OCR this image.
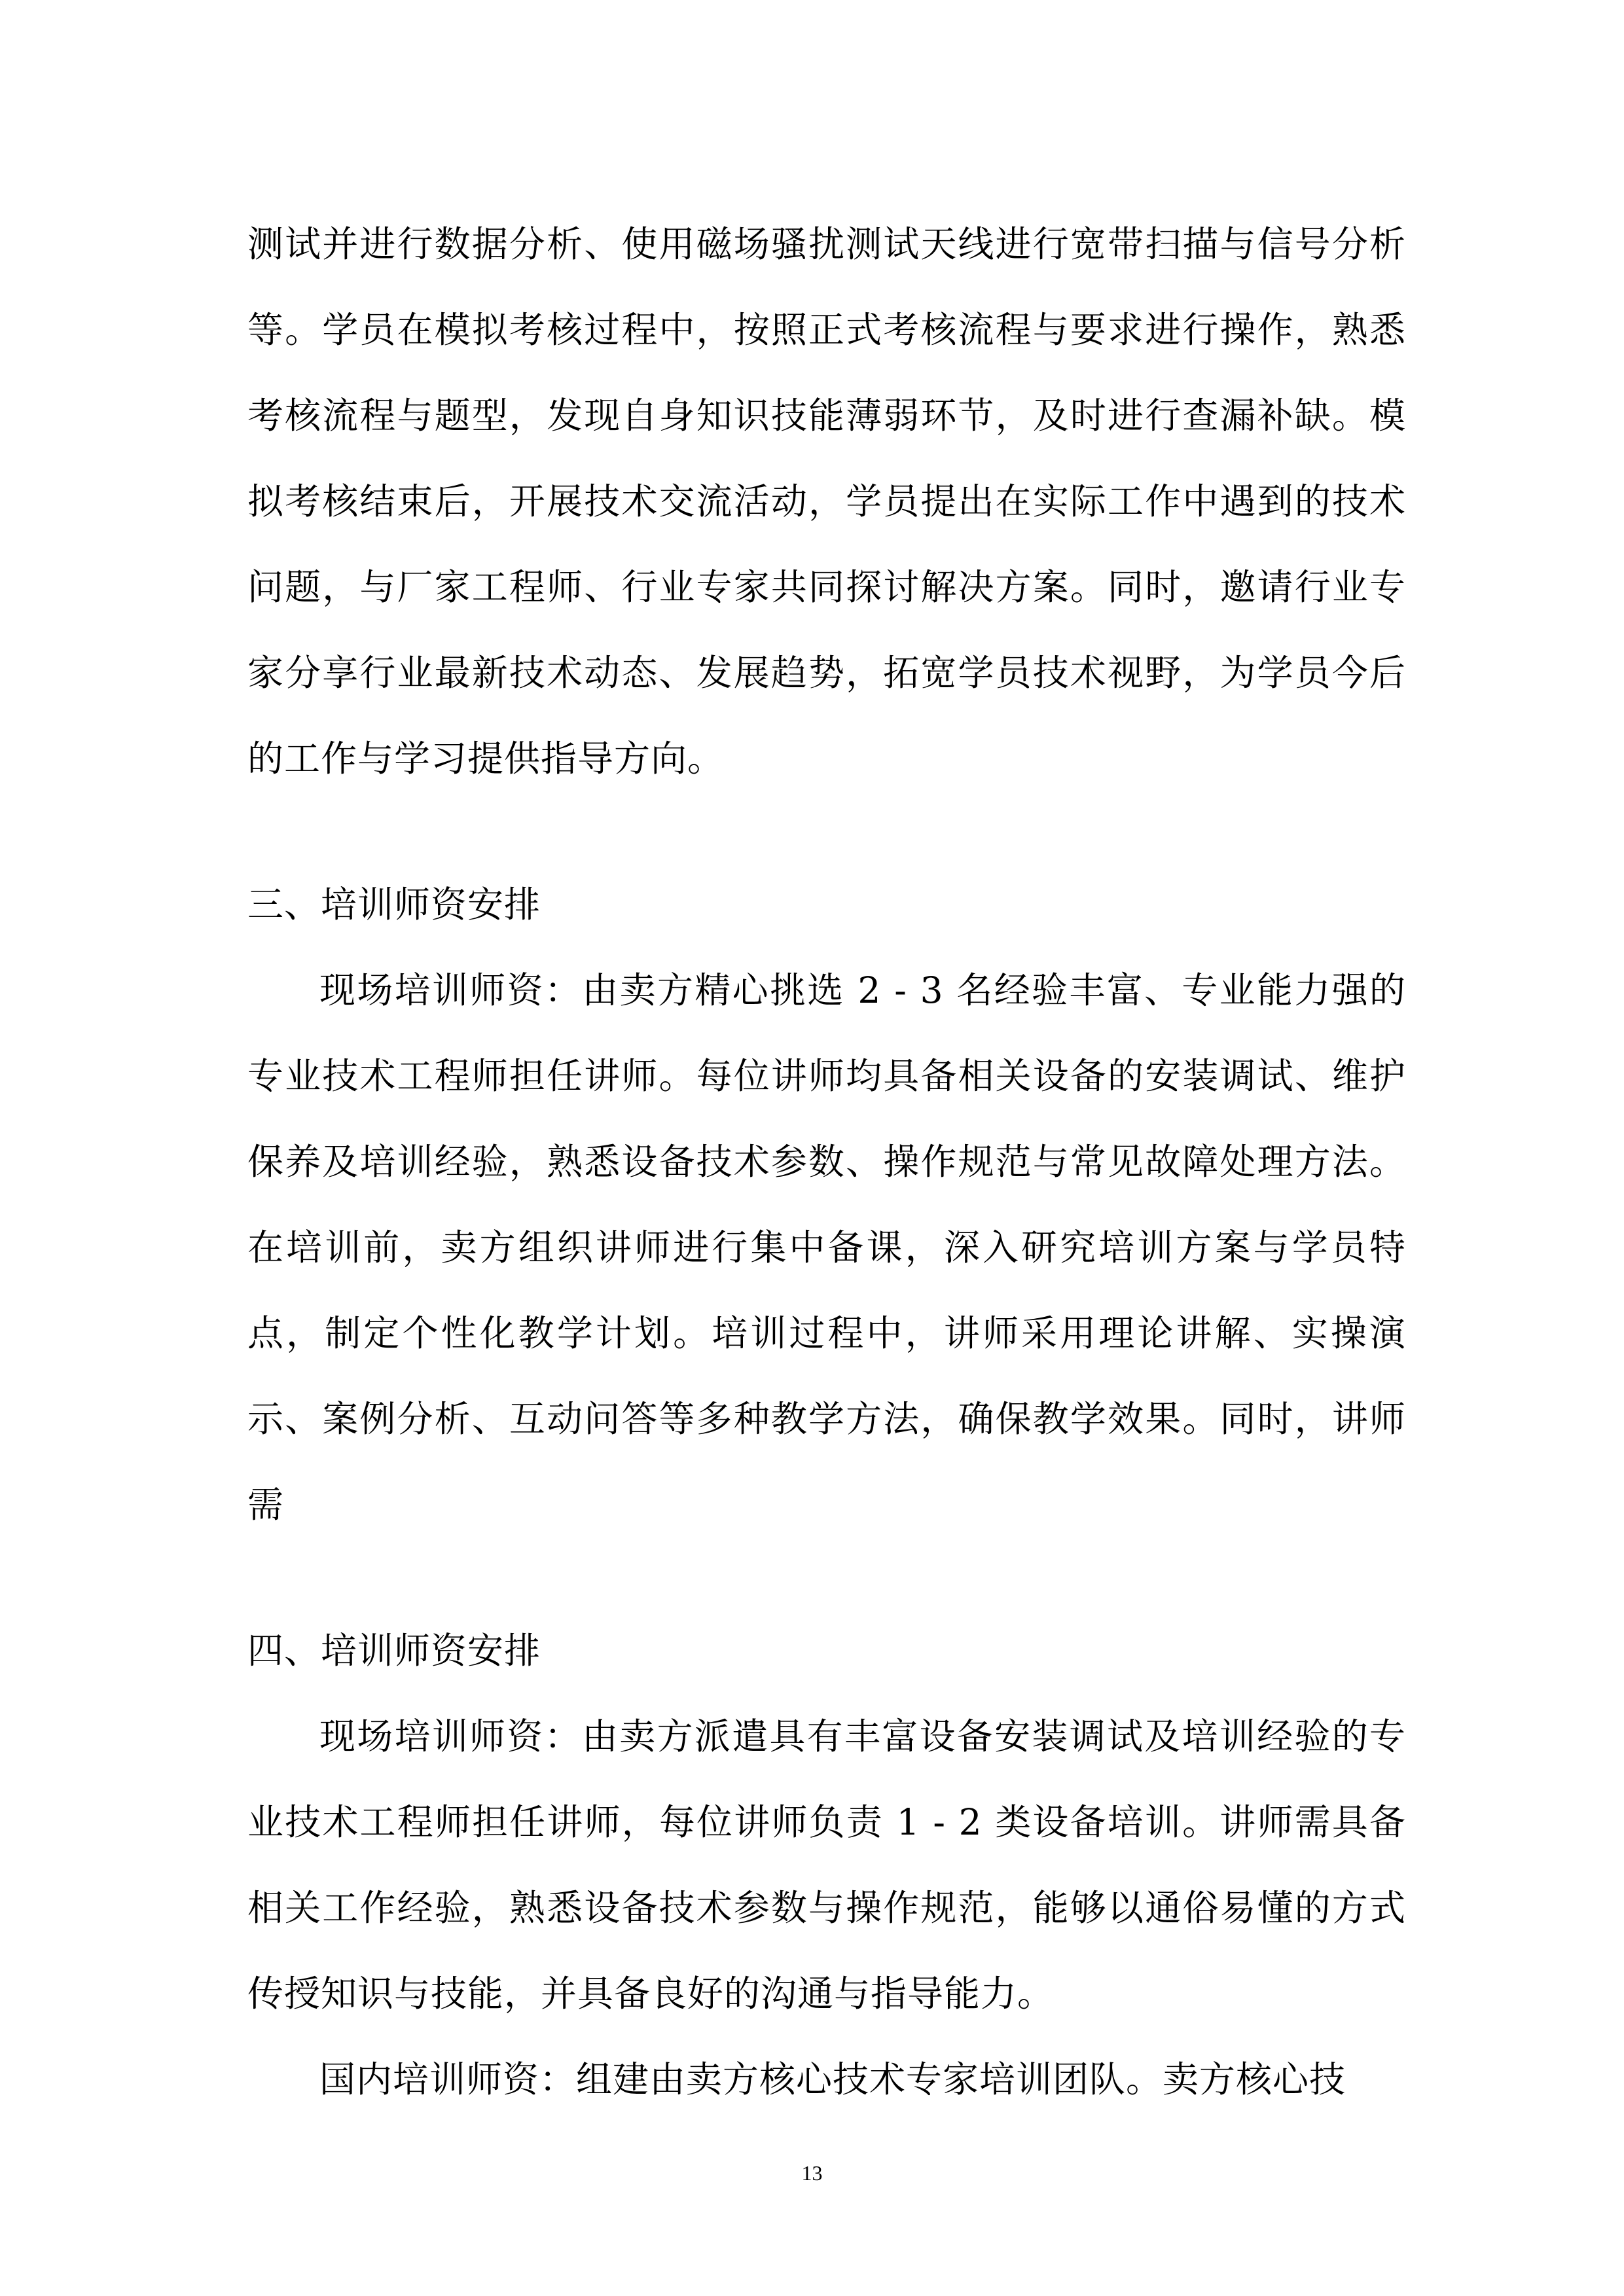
测试并进行数据分析、使用磁场骚扰测试天线进行宽带扫描与信号分析等。学员在模拟考核过程中，按照正式考核流程与要求进行操作，熟悉考核流程与题型，发现自身知识技能薄弱环节，及时进行查漏补缺。模拟考核结束后，开展技术交流活动，学员提出在实际工作中遇到的技术问题，与厂家工程师、行业专家共同探讨解决方案。同时，邀请行业专家分享行业最新技术动态、发展趋势，拓宽学员技术视野，为学员今后的工作与学习提供指导方向。

三、培训师资安排

现场培训师资：由卖方精心挑选 2 - 3 名经验丰富、专业能力强的专业技术工程师担任讲师。每位讲师均具备相关设备的安装调试、维护保养及培训经验，熟悉设备技术参数、操作规范与常见故障处理方法。在培训前，卖方组织讲师进行集中备课，深入研究培训方案与学员特点，制定个性化教学计划。培训过程中，讲师采用理论讲解、实操演示、案例分析、互动问答等多种教学方法，确保教学效果。同时，讲师需

四、培训师资安排

现场培训师资：由卖方派遣具有丰富设备安装调试及培训经验的专业技术工程师担任讲师，每位讲师负责 1 - 2 类设备培训。讲师需具备相关工作经验，熟悉设备技术参数与操作规范，能够以通俗易懂的方式传授知识与技能，并具备良好的沟通与指导能力。

国内培训师资：组建由卖方核心技术专家培训团队。卖方核心技

13
